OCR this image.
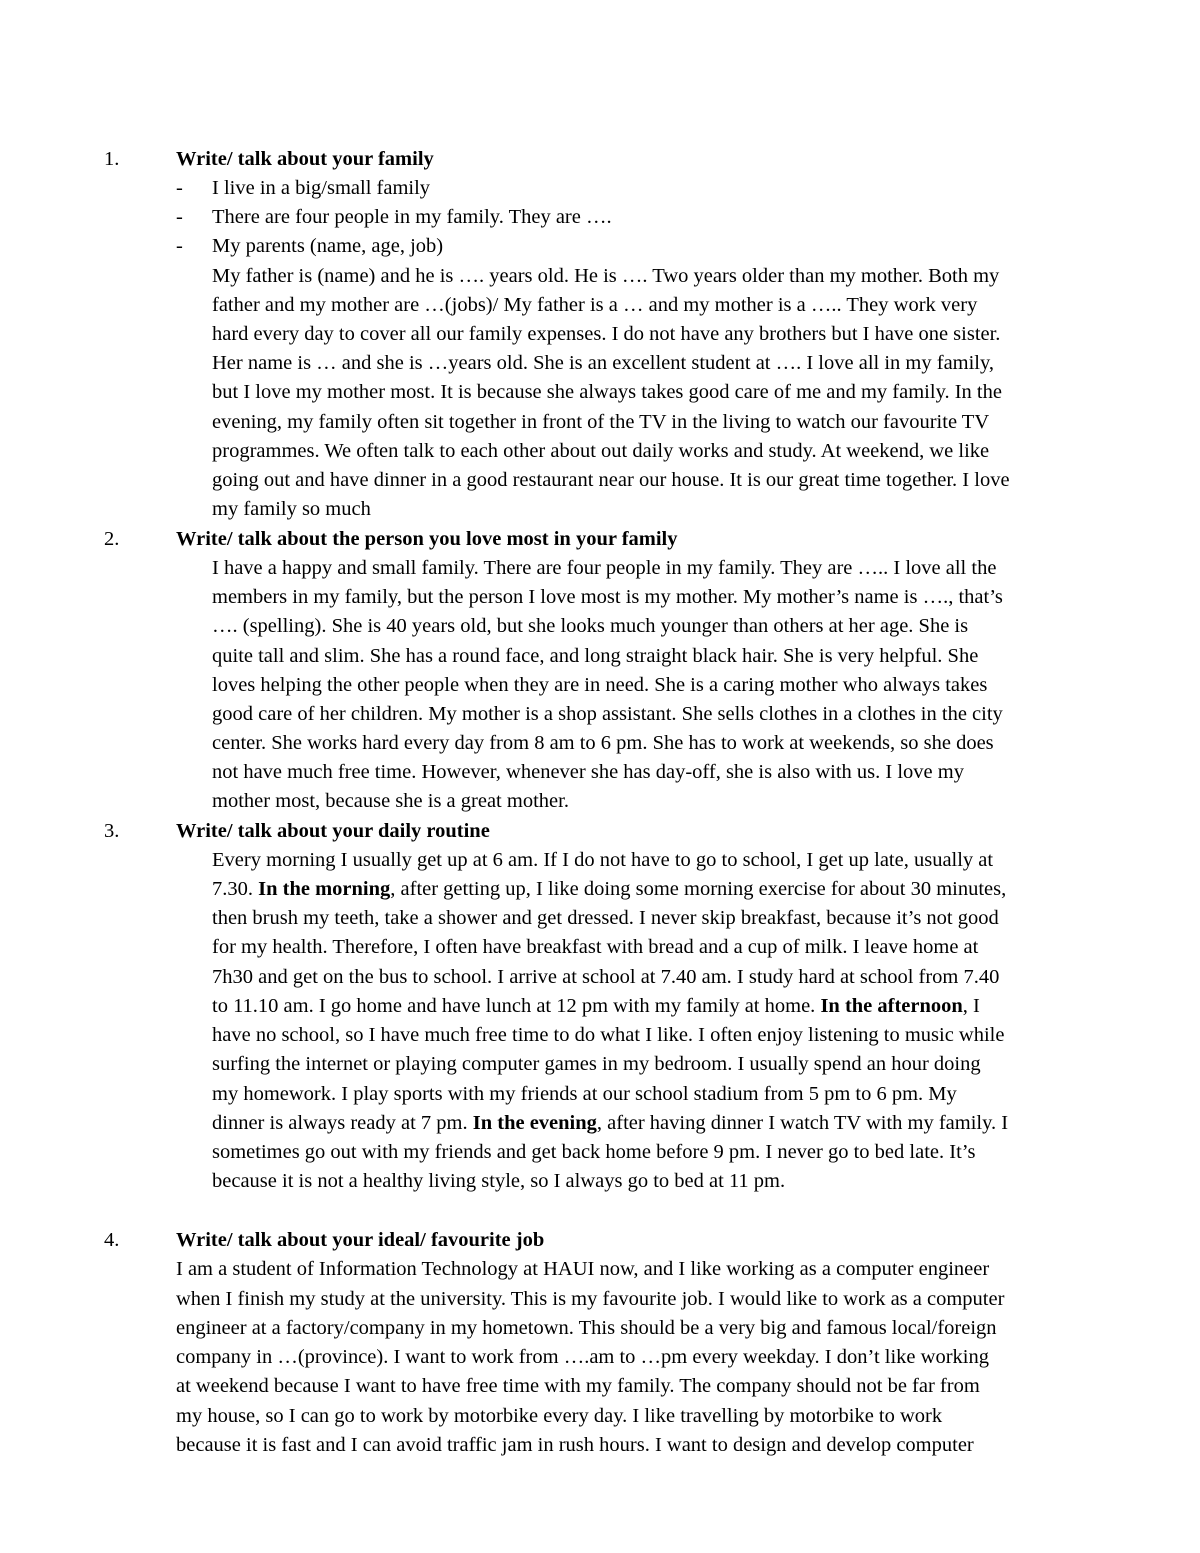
1.	Write/ talk about your family
- I live in a big/small family
- There are four people in my family. They are ….
- My parents (name, age, job)
My father is (name) and he is …. years old. He is …. Two years older than my mother. Both my
father and my mother are …(jobs)/ My father is a … and my mother is a ….. They work very
hard every day to cover all our family expenses. I do not have any brothers but I have one sister.
Her name is … and she is …years old. She is an excellent student at …. I love all in my family,
but I love my mother most. It is because she always takes good care of me and my family. In the
evening, my family often sit together in front of the TV in the living to watch our favourite TV
programmes. We often talk to each other about out daily works and study. At weekend, we like
going out and have dinner in a good restaurant near our house. It is our great time together. I love
my family so much
2.	Write/ talk about the person you love most in your family
I have a happy and small family. There are four people in my family. They are ….. I love all the
members in my family, but the person I love most is my mother. My mother’s name is …., that’s
…. (spelling). She is 40 years old, but she looks much younger than others at her age. She is
quite tall and slim. She has a round face, and long straight black hair. She is very helpful. She
loves helping the other people when they are in need. She is a caring mother who always takes
good care of her children. My mother is a shop assistant. She sells clothes in a clothes in the city
center. She works hard every day from 8 am to 6 pm. She has to work at weekends, so she does
not have much free time. However, whenever she has day-off, she is also with us. I love my
mother most, because she is a great mother.
3.	Write/ talk about your daily routine
Every morning I usually get up at 6 am. If I do not have to go to school, I get up late, usually at
7.30. In the morning, after getting up, I like doing some morning exercise for about 30 minutes,
then brush my teeth, take a shower and get dressed. I never skip breakfast, because it’s not good
for my health. Therefore, I often have breakfast with bread and a cup of milk. I leave home at
7h30 and get on the bus to school. I arrive at school at 7.40 am. I study hard at school from 7.40
to 11.10 am. I go home and have lunch at 12 pm with my family at home. In the afternoon, I
have no school, so I have much free time to do what I like. I often enjoy listening to music while
surfing the internet or playing computer games in my bedroom. I usually spend an hour doing
my homework. I play sports with my friends at our school stadium from 5 pm to 6 pm. My
dinner is always ready at 7 pm. In the evening, after having dinner I watch TV with my family. I
sometimes go out with my friends and get back home before 9 pm. I never go to bed late. It’s
because it is not a healthy living style, so I always go to bed at 11 pm.
4.	Write/ talk about your ideal/ favourite job
I am a student of Information Technology at HAUI now, and I like working as a computer engineer
when I finish my study at the university. This is my favourite job. I would like to work as a computer
engineer at a factory/company in my hometown. This should be a very big and famous local/foreign
company in …(province). I want to work from ….am to …pm every weekday. I don’t like working
at weekend because I want to have free time with my family. The company should not be far from
my house, so I can go to work by motorbike every day. I like travelling by motorbike to work
because it is fast and I can avoid traffic jam in rush hours. I want to design and develop computer
